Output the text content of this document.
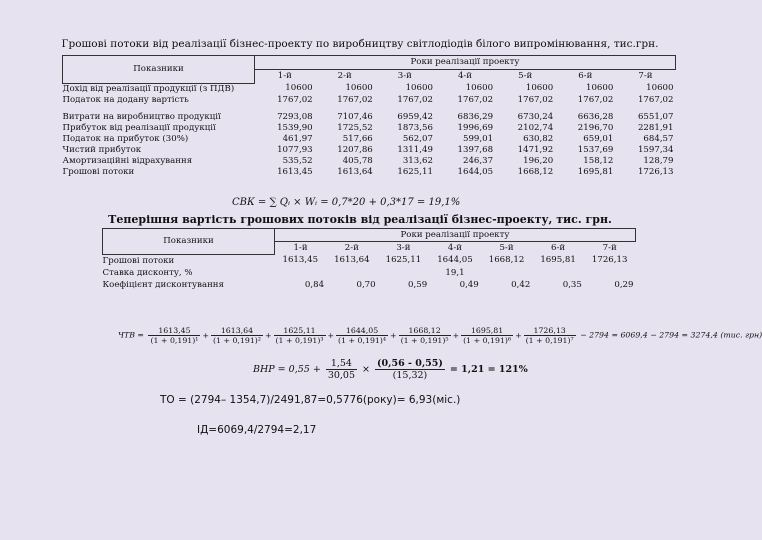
Грошові потоки від реалізації бізнес-проекту по виробництву світлодіодів білого випромінювання, тис.грн.
Показники	Роки реалізації проекту						
	1-й	2-й	3-й	4-й	5-й	6-й	7-й
Дохід від реалізації продукції (з ПДВ)	10600	10600	10600	10600	10600	10600	10600
Податок на додану вартість	1767,02	1767,02	1767,02	1767,02	1767,02	1767,02	1767,02
Витрати на виробництво продукції	7293,08	7107,46	6959,42	6836,29	6730,24	6636,28	6551,07
Прибуток від реалізації продукції	1539,90	1725,52	1873,56	1996,69	2102,74	2196,70	2281,91
Податок на прибуток (30%)	461,97	517,66	562,07	599,01	630,82	659,01	684,57
Чистий прибуток	1077,93	1207,86	1311,49	1397,68	1471,92	1537,69	1597,34
Амортизаційні відрахування	535,52	405,78	313,62	246,37	196,20	158,12	128,79
Грошові потоки	1613,45	1613,64	1625,11	1644,05	1668,12	1695,81	1726,13
Теперішня вартість грошових потоків від реалізації бізнес-проекту, тис. грн.
Показники	Роки реалізації проекту						
	1-й	2-й	3-й	4-й	5-й	6-й	7-й
Грошові потоки	1613,45	1613,64	1625,11	1644,05	1668,12	1695,81	1726,13
Ставка дисконту, %	19,1						
Коефіцієнт дисконтування	0,84	0,70	0,59	0,49	0,42	0,35	0,29
СВК = ∑ Qᵢ × Wᵢ = 0,7*20 + 0,3*17 = 19,1%
ЧТВ = $\frac{1613,45}{\text{(1 + 0,191)¹}} + \frac{1613,64}{\text{(1 + 0,191)²}} + \frac{1625,11}{\text{(1 + 0,191)³}} + \frac{1644,05}{\text{(1 + 0,191)⁴}} + \frac{1668,12}{\text{(1 + 0,191)⁵}} + \frac{1695,81}{\text{(1 + 0,191)⁶}} + \frac{1726,13}{\text{(1 + 0,191)⁷}} - 2794 = 6069,4 - 2794 = 3274,4$ (тис. грн)
ВНР = $0,55 + \frac{1,54}{30,05} \times \frac{(0,56 - 0,55)}{(15,32)} = 1,21 = 121\%$
ТО = (2794– 1354,7)/2491,87=0,5776(року)= 6,93(міс.)
ІД=6069,4/2794=2,17
